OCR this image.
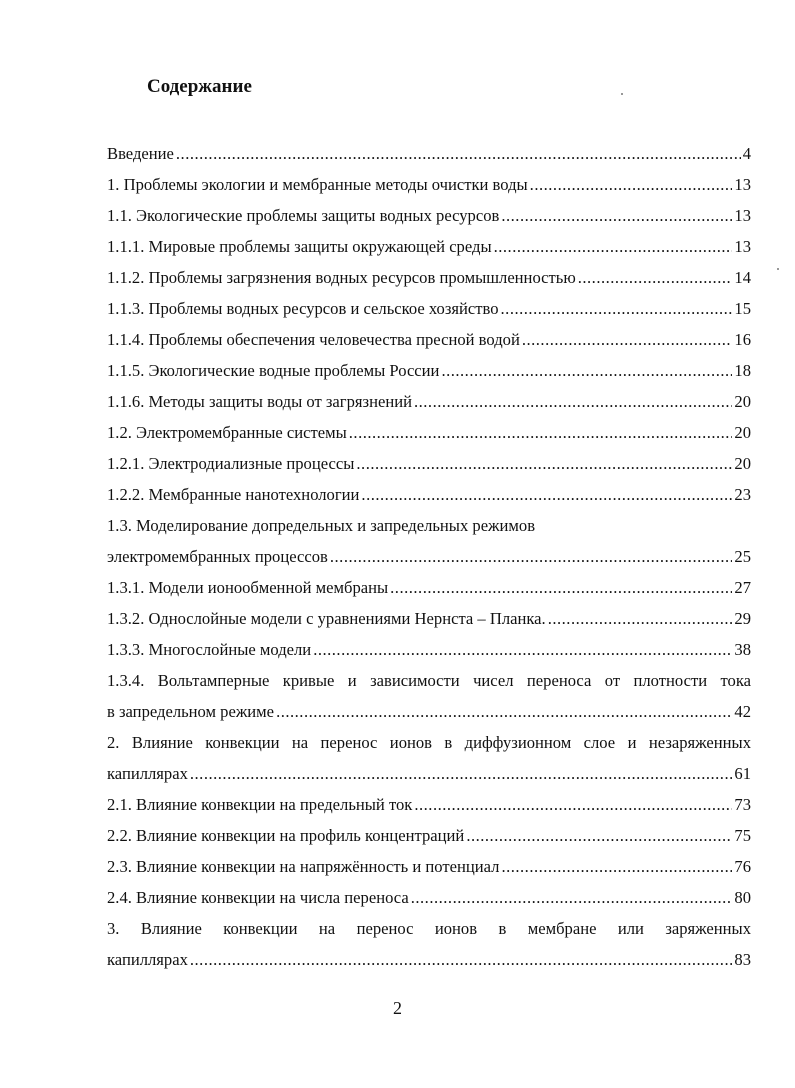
Содержание
Введение .....	4
1. Проблемы экологии и мембранные методы очистки воды .....	13
1.1. Экологические проблемы защиты водных ресурсов .....	13
1.1.1. Мировые проблемы защиты окружающей среды .....	13
1.1.2. Проблемы загрязнения водных ресурсов промышленностью .....	14
1.1.3. Проблемы водных ресурсов и сельское хозяйство .....	15
1.1.4. Проблемы обеспечения человечества пресной водой .....	16
1.1.5. Экологические водные проблемы России .....	18
1.1.6. Методы защиты воды от загрязнений .....	20
1.2. Электромембранные системы .....	20
1.2.1. Электродиализные процессы .....	20
1.2.2. Мембранные нанотехнологии .....	23
1.3. Моделирование допредельных и запредельных режимов
электромембранных процессов .....	25
1.3.1. Модели ионообменной мембраны .....	27
1.3.2. Однослойные модели с уравнениями Нернста – Планка. .....	29
1.3.3. Многослойные модели .....	38
1.3.4. Вольтамперные кривые и зависимости чисел переноса от плотности тока
в запредельном режиме .....	42
2. Влияние конвекции на перенос ионов в диффузионном слое и незаряженных
капиллярах .....	61
2.1. Влияние конвекции на предельный ток .....	73
2.2. Влияние конвекции на профиль концентраций .....	75
2.3. Влияние конвекции на напряжённость и потенциал .....	76
2.4. Влияние конвекции на числа переноса .....	80
3. Влияние конвекции на перенос ионов в мембране или заряженных
капиллярах .....	83
2
